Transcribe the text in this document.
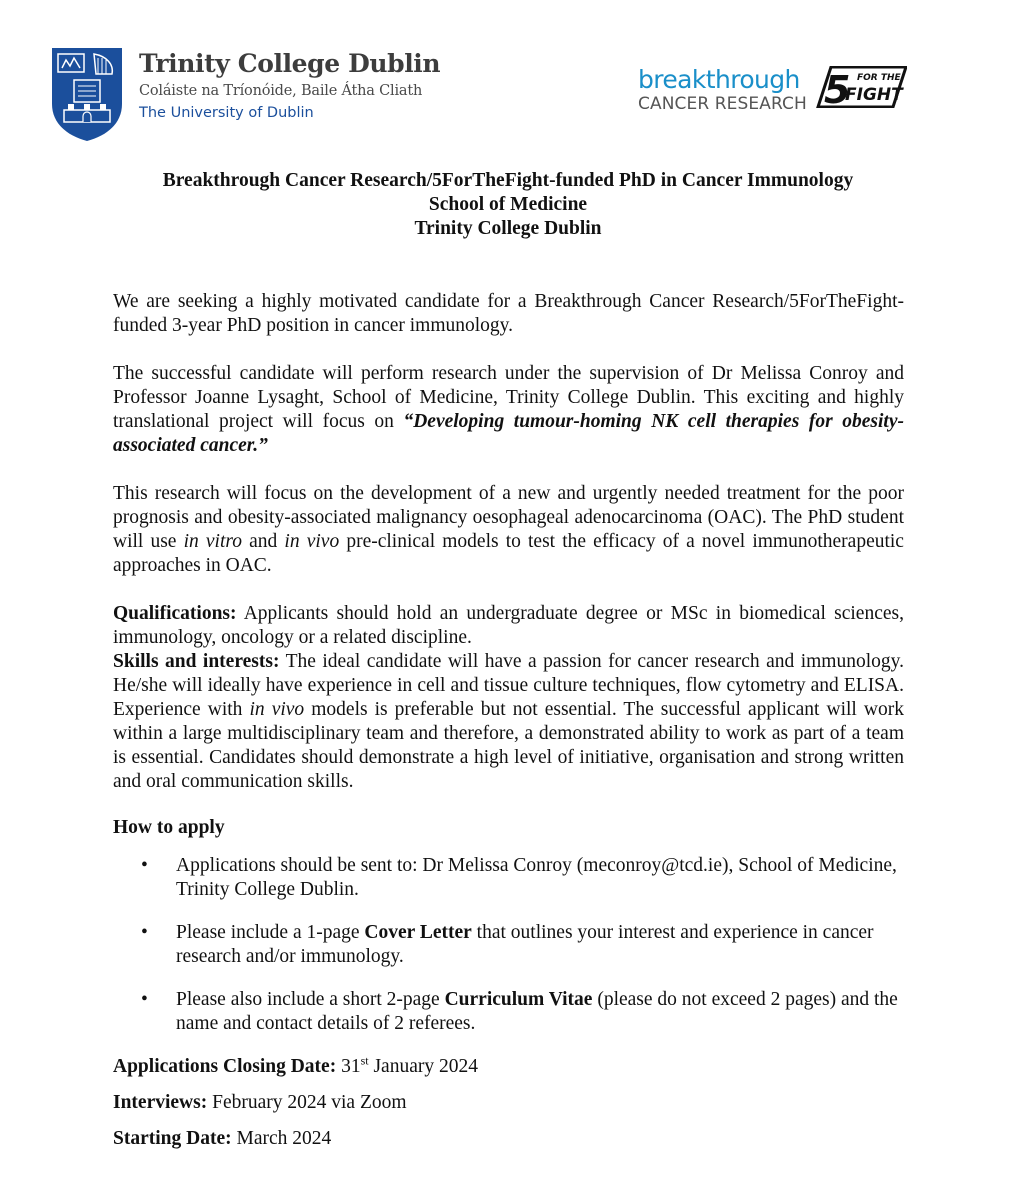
Trinity College Dublin
Coláiste na Tríonóide, Baile Átha Cliath
The University of Dublin
breakthrough
CANCER RESEARCH 5 FOR THE
FIGHT
Breakthrough Cancer Research/5ForTheFight-funded PhD in Cancer Immunology
School of Medicine
Trinity College Dublin

We are seeking a highly motivated candidate for a Breakthrough Cancer Research/5ForTheFight-funded 3-year PhD position in cancer immunology.

The successful candidate will perform research under the supervision of Dr Melissa Conroy and Professor Joanne Lysaght, School of Medicine, Trinity College Dublin. This exciting and highly translational project will focus on “Developing tumour-homing NK cell therapies for obesity-associated cancer.”

This research will focus on the development of a new and urgently needed treatment for the poor prognosis and obesity-associated malignancy oesophageal adenocarcinoma (OAC). The PhD student will use in vitro and in vivo pre-clinical models to test the efficacy of a novel immunotherapeutic approaches in OAC.

Qualifications: Applicants should hold an undergraduate degree or MSc in biomedical sciences, immunology, oncology or a related discipline.

Skills and interests: The ideal candidate will have a passion for cancer research and immunology. He/she will ideally have experience in cell and tissue culture techniques, flow cytometry and ELISA. Experience with in vivo models is preferable but not essential. The successful applicant will work within a large multidisciplinary team and therefore, a demonstrated ability to work as part of a team is essential. Candidates should demonstrate a high level of initiative, organisation and strong written and oral communication skills.

How to apply

• Applications should be sent to: Dr Melissa Conroy (meconroy@tcd.ie), School of Medicine, Trinity College Dublin.
• Please include a 1-page Cover Letter that outlines your interest and experience in cancer research and/or immunology.
• Please also include a short 2-page Curriculum Vitae (please do not exceed 2 pages) and the name and contact details of 2 referees.

Applications Closing Date: 31st January 2024

Interviews: February 2024 via Zoom

Starting Date: March 2024
